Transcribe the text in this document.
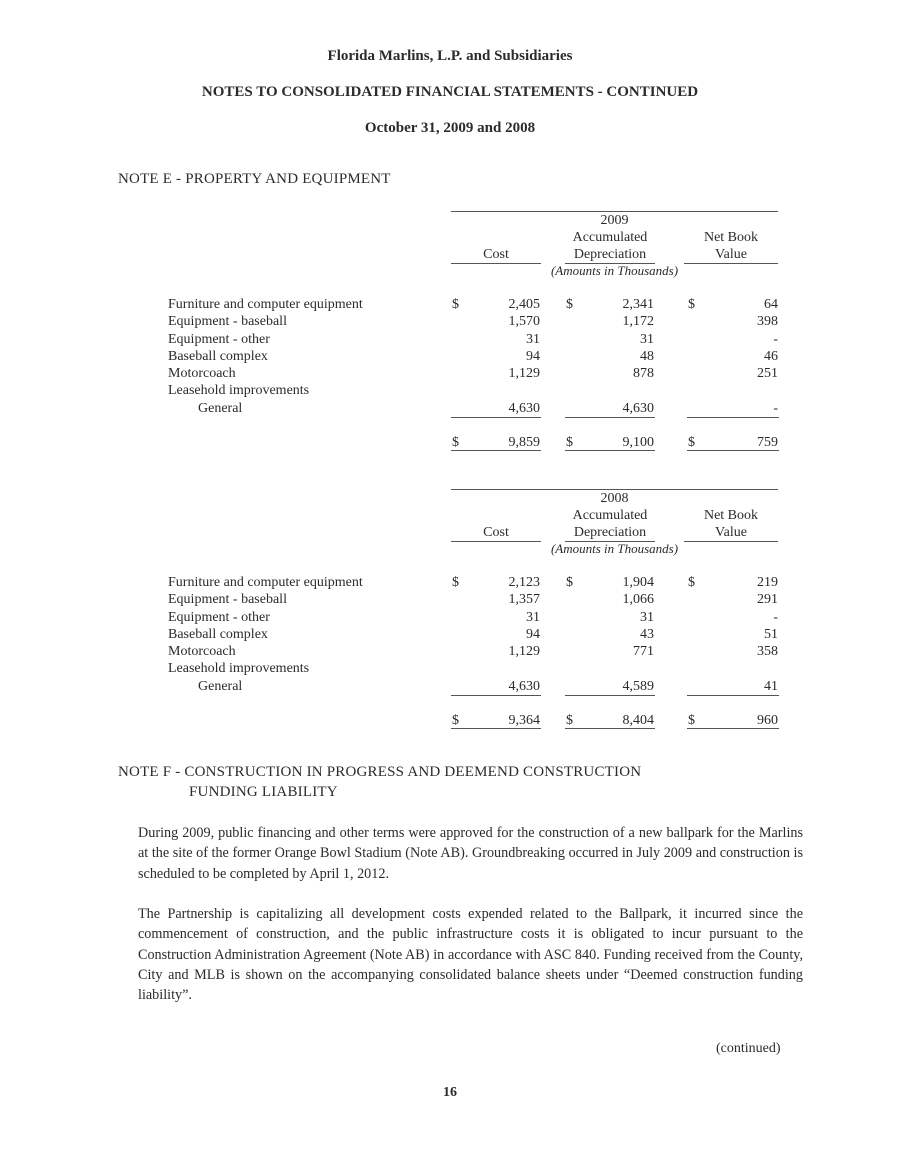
Florida Marlins, L.P. and Subsidiaries
NOTES TO CONSOLIDATED FINANCIAL STATEMENTS - CONTINUED
October 31, 2009 and 2008
NOTE E - PROPERTY AND EQUIPMENT
2009
Cost
Accumulated
Depreciation
Net Book
Value
(Amounts in Thousands)
Furniture and computer equipment	$	2,405 $	2,341 $	64
Equipment - baseball	1,570	1,172	398
Equipment - other	31	31	-
Baseball complex	94	48	46
Motorcoach	1,129	878	251
Leasehold improvements
General	4,630	4,630	-
$	9,859 $	9,100 $	759
2008
Cost
Accumulated
Depreciation
Net Book
Value
(Amounts in Thousands)
Furniture and computer equipment	$	2,123 $	1,904 $	219
Equipment - baseball	1,357	1,066	291
Equipment - other	31	31	-
Baseball complex	94	43	51
Motorcoach	1,129	771	358
Leasehold improvements
General	4,630	4,589	41
$	9,364 $	8,404 $	960
NOTE F - CONSTRUCTION IN PROGRESS AND DEEMEND CONSTRUCTION
FUNDING LIABILITY
During 2009, public financing and other terms were approved for the construction of a new ballpark for the Marlins at the site of the former Orange Bowl Stadium (Note AB). Groundbreaking occurred in July 2009 and construction is scheduled to be completed by April 1, 2012.
The Partnership is capitalizing all development costs expended related to the Ballpark, it incurred since the commencement of construction, and the public infrastructure costs it is obligated to incur pursuant to the Construction Administration Agreement (Note AB) in accordance with ASC 840. Funding received from the County, City and MLB is shown on the accompanying consolidated balance sheets under “Deemed construction funding liability”.
(continued)
16
